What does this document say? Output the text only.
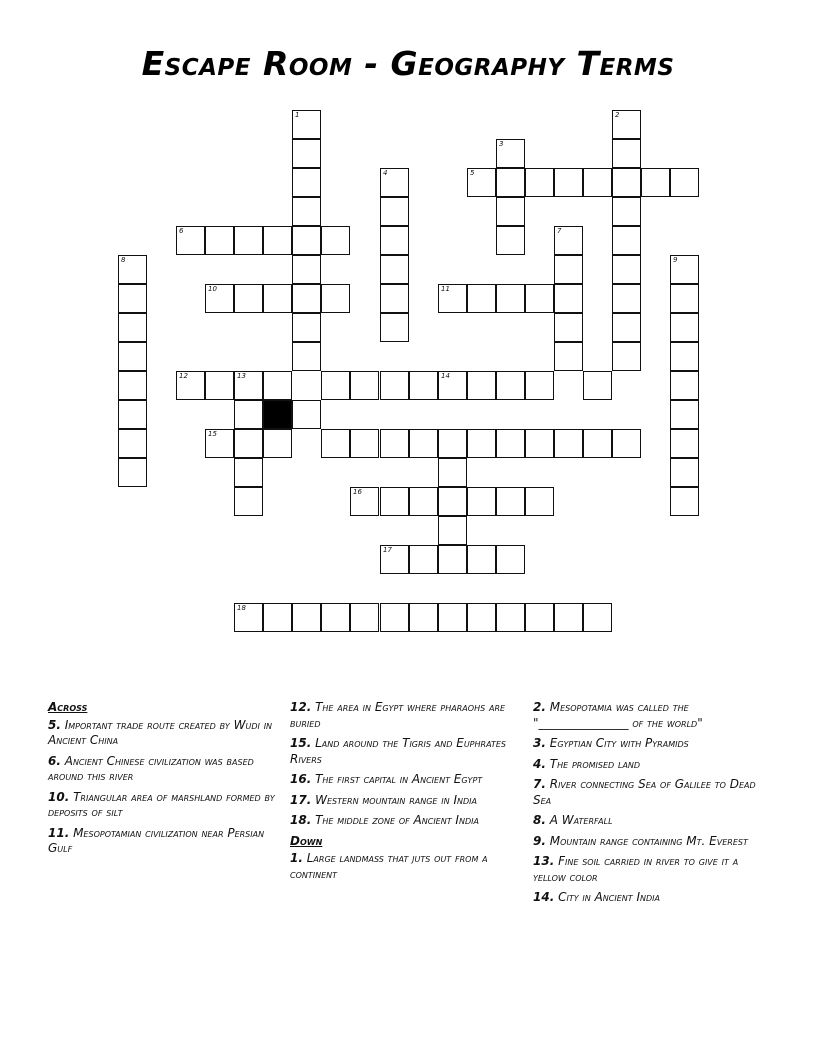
Escape Room - Geography Terms
1	2
3
4	5
6	7
8	9
10	11
12	13	14
15
16
17
18

Across

5. Important trade route created by Wudi in Ancient China

6. Ancient Chinese civilization was based around this river

10. Triangular area of marshland formed by deposits of silt

11. Mesopotamian civilization near Persian Gulf

12. The area in Egypt where pharaohs are buried

15. Land around the Tigris and Euphrates Rivers

16. The first capital in Ancient Egypt

17. Western mountain range in India

18. The middle zone of Ancient India

Down

1. Large landmass that juts out from a continent

2. Mesopotamia was called the "_______________ of the world"

3. Egyptian City with Pyramids

4. The promised land

7. River connecting Sea of Galilee to Dead Sea

8. A Waterfall

9. Mountain range containing Mt. Everest

13. Fine soil carried in river to give it a yellow color

14. City in Ancient India
